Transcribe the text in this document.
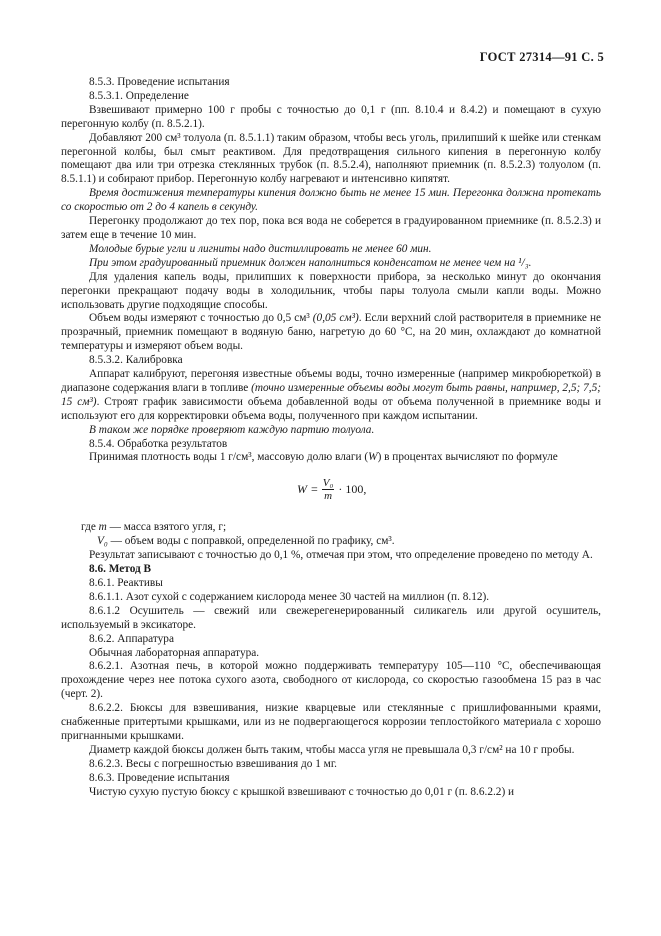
ГОСТ 27314—91 С. 5

8.5.3. Проведение испытания

8.5.3.1. Определение

Взвешивают примерно 100 г пробы с точностью до 0,1 г (пп. 8.10.4 и 8.4.2) и помещают в сухую перегонную колбу (п. 8.5.2.1).

Добавляют 200 см³ толуола (п. 8.5.1.1) таким образом, чтобы весь уголь, прилипший к шейке или стенкам перегонной колбы, был смыт реактивом. Для предотвращения сильного кипения в перегонную колбу помещают два или три отрезка стеклянных трубок (п. 8.5.2.4), наполняют приемник (п. 8.5.2.3) толуолом (п. 8.5.1.1) и собирают прибор. Перегонную колбу нагревают и интенсивно кипятят.

Время достижения температуры кипения должно быть не менее 15 мин. Перегонка должна протекать со скоростью от 2 до 4 капель в секунду.

Перегонку продолжают до тех пор, пока вся вода не соберется в градуированном приемнике (п. 8.5.2.3) и затем еще в течение 10 мин.

Молодые бурые угли и лигниты надо дистиллировать не менее 60 мин.

При этом градуированный приемник должен наполниться конденсатом не менее чем на ¹/₃.

Для удаления капель воды, прилипших к поверхности прибора, за несколько минут до окончания перегонки прекращают подачу воды в холодильник, чтобы пары толуола смыли капли воды. Можно использовать другие подходящие способы.

Объем воды измеряют с точностью до 0,5 см³ (0,05 см³). Если верхний слой растворителя в приемнике не прозрачный, приемник помещают в водяную баню, нагретую до 60 °С, на 20 мин, охлаждают до комнатной температуры и измеряют объем воды.

8.5.3.2. Калибровка

Аппарат калибруют, перегоняя известные объемы воды, точно измеренные (например микробюреткой) в диапазоне содержания влаги в топливе (точно измеренные объемы воды могут быть равны, например, 2,5; 7,5; 15 см³). Строят график зависимости объема добавленной воды от объема полученной в приемнике воды и используют его для корректировки объема воды, полученного при каждом испытании.

В таком же порядке проверяют каждую партию толуола.

8.5.4. Обработка результатов

Принимая плотность воды 1 г/см³, массовую долю влаги (W) в процентах вычисляют по формуле

$W = \frac{\text{V₀}}{m} \cdot 100$,

где m — масса взятого угля, г;

V₀ — объем воды с поправкой, определенной по графику, см³.

Результат записывают с точностью до 0,1 %, отмечая при этом, что определение проведено по методу А.

8.6. Метод В

8.6.1. Реактивы

8.6.1.1. Азот сухой с содержанием кислорода менее 30 частей на миллион (п. 8.12).

8.6.1.2 Осушитель — свежий или свежерегенерированный силикагель или другой осушитель, используемый в эксикаторе.

8.6.2. Аппаратура

Обычная лабораторная аппаратура.

8.6.2.1. Азотная печь, в которой можно поддерживать температуру 105—110 °С, обеспечивающая прохождение через нее потока сухого азота, свободного от кислорода, со скоростью газообмена 15 раз в час (черт. 2).

8.6.2.2. Бюксы для взвешивания, низкие кварцевые или стеклянные с пришлифованными краями, снабженные притертыми крышками, или из не подвергающегося коррозии теплостойкого материала с хорошо пригнанными крышками.

Диаметр каждой бюксы должен быть таким, чтобы масса угля не превышала 0,3 г/см² на 10 г пробы.

8.6.2.3. Весы с погрешностью взвешивания до 1 мг.

8.6.3. Проведение испытания

Чистую сухую пустую бюксу с крышкой взвешивают с точностью до 0,01 г (п. 8.6.2.2) и
